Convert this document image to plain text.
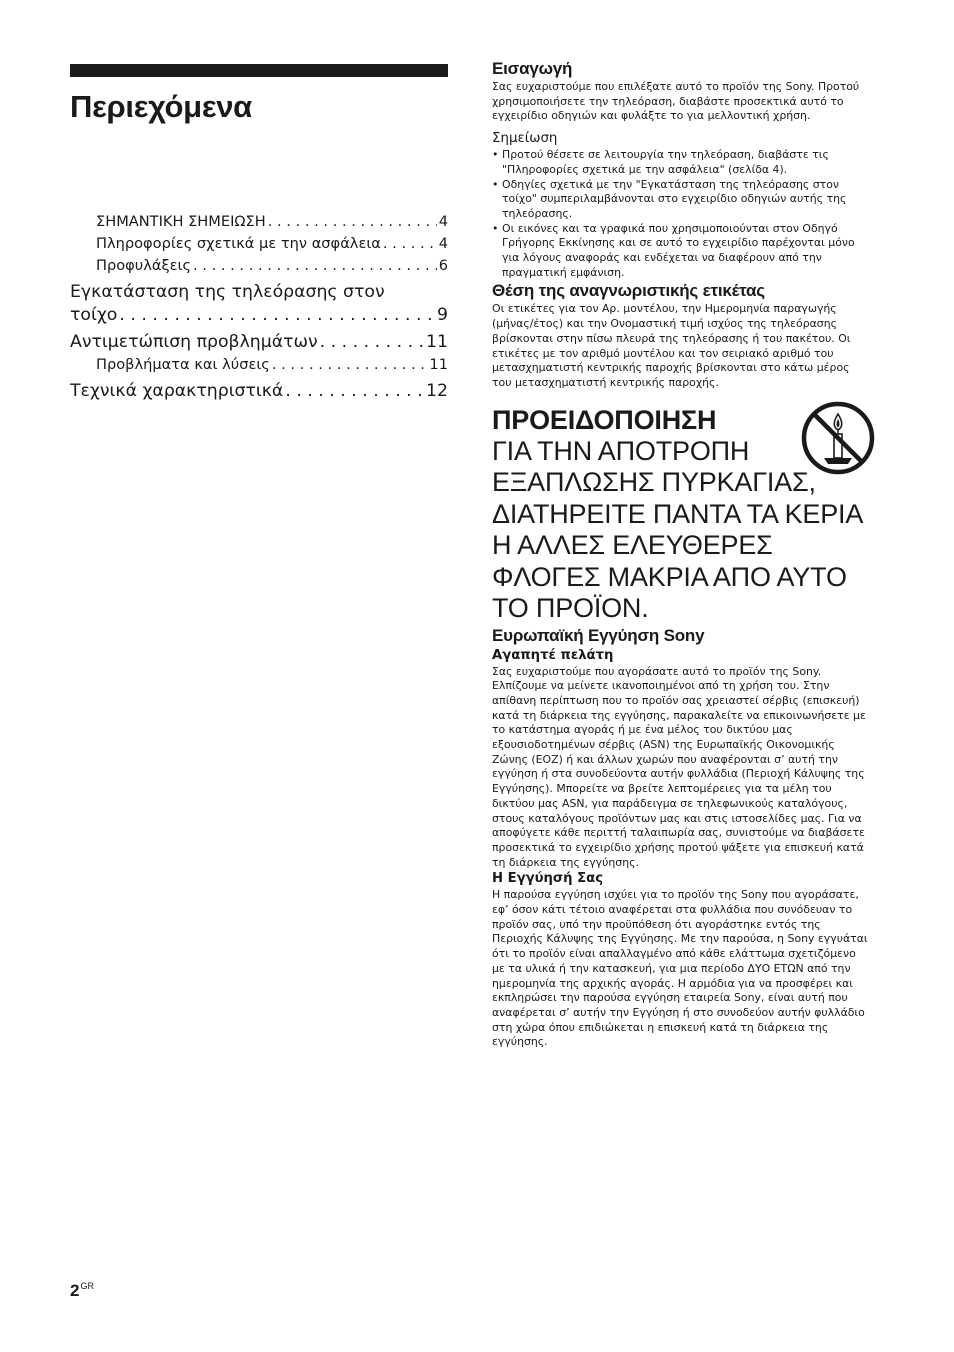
Περιεχόμενα
ΣΗΜΑΝΤΙΚΗ ΣΗΜΕΙΩΣΗ . . .	4
Πληροφορίες σχετικά με την ασφάλεια . . .	4
Προφυλάξεις . . .	6
Εγκατάσταση της τηλεόρασης στον
τοίχο . . .	9
Αντιμετώπιση προβλημάτων . . .	11
Προβλήματα και λύσεις . . .	11
Τεχνικά χαρακτηριστικά . . .	12
Εισαγωγή

Σας ευχαριστούμε που επιλέξατε αυτό το προϊόν της Sony. Προτού χρησιμοποιήσετε την τηλεόραση, διαβάστε προσεκτικά αυτό το εγχειρίδιο οδηγιών και φυλάξτε το για μελλοντική χρήση.

Σημείωση
• Προτού θέσετε σε λειτουργία την τηλεόραση, διαβάστε τις "Πληροφορίες σχετικά με την ασφάλεια" (σελίδα 4).
• Οδηγίες σχετικά με την "Εγκατάσταση της τηλεόρασης στον τοίχο" συμπεριλαμβάνονται στο εγχειρίδιο οδηγιών αυτής της τηλεόρασης.
• Οι εικόνες και τα γραφικά που χρησιμοποιούνται στον Οδηγό Γρήγορης Εκκίνησης και σε αυτό το εγχειρίδιο παρέχονται μόνο για λόγους αναφοράς και ενδέχεται να διαφέρουν από την πραγματική εμφάνιση.
Θέση της αναγνωριστικής ετικέτας

Οι ετικέτες για τον Αρ. μοντέλου, την Ημερομηνία παραγωγής (μήνας/έτος) και την Ονομαστική τιμή ισχύος της τηλεόρασης βρίσκονται στην πίσω πλευρά της τηλεόρασης ή του πακέτου. Οι ετικέτες με τον αριθμό μοντέλου και τον σειριακό αριθμό του μετασχηματιστή κεντρικής παροχής βρίσκονται στο κάτω μέρος του μετασχηματιστή κεντρικής παροχής.

ΠΡΟΕΙΔΟΠΟΙΗΣΗ
ΓΙΑ ΤΗΝ ΑΠΟΤΡΟΠΗ ΕΞΑΠΛΩΣΗΣ ΠΥΡΚΑΓΙΑΣ, ΔΙΑΤΗΡΕΙΤΕ ΠΑΝΤΑ ΤΑ ΚΕΡΙΑ Η ΑΛΛΕΣ ΕΛΕΥΘΕΡΕΣ ΦΛΟΓΕΣ ΜΑΚΡΙΑ ΑΠΟ ΑΥΤΟ ΤΟ ΠΡΟΪΟΝ.
Ευρωπαϊκή Εγγύηση Sony
Αγαπητέ πελάτη

Σας ευχαριστούμε που αγοράσατε αυτό το προϊόν της Sony. Ελπίζουμε να μείνετε ικανοποιημένοι από τη χρήση του. Στην απίθανη περίπτωση που το προϊόν σας χρειαστεί σέρβις (επισκευή) κατά τη διάρκεια της εγγύησης, παρακαλείτε να επικοινωνήσετε με το κατάστημα αγοράς ή με ένα μέλος του δικτύου μας εξουσιοδοτημένων σέρβις (ASN) της Ευρωπαϊκής Οικονομικής Ζώνης (ΕΟΖ) ή και άλλων χωρών που αναφέρονται σ’ αυτή την εγγύηση ή στα συνοδεύοντα αυτήν φυλλάδια (Περιοχή Κάλυψης της Εγγύησης). Μπορείτε να βρείτε λεπτομέρειες για τα μέλη του δικτύου μας ASN, για παράδειγμα σε τηλεφωνικούς καταλόγους, στους καταλόγους προϊόντων μας και στις ιστοσελίδες μας. Για να αποφύγετε κάθε περιττή ταλαιπωρία σας, συνιστούμε να διαβάσετε προσεκτικά το εγχειρίδιο χρήσης προτού ψάξετε για επισκευή κατά τη διάρκεια της εγγύησης.

Η Εγγύησή Σας

Η παρούσα εγγύηση ισχύει για το προϊόν της Sony που αγοράσατε, εφ’ όσον κάτι τέτοιο αναφέρεται στα φυλλάδια που συνόδευαν το προϊόν σας, υπό την προϋπόθεση ότι αγοράστηκε εντός της Περιοχής Κάλυψης της Εγγύησης. Με την παρούσα, η Sony εγγυάται ότι το προϊόν είναι απαλλαγμένο από κάθε ελάττωμα σχετιζόμενο με τα υλικά ή την κατασκευή, για μια περίοδο ΔΥΟ ΕΤΩΝ από την ημερομηνία της αρχικής αγοράς. Η αρμόδια για να προσφέρει και εκπληρώσει την παρούσα εγγύηση εταιρεία Sony, είναι αυτή που αναφέρεται σ’ αυτήν την Εγγύηση ή στο συνοδεύον αυτήν φυλλάδιο στη χώρα όπου επιδιώκεται η επισκευή κατά τη διάρκεια της εγγύησης.

$2^{GR}$
